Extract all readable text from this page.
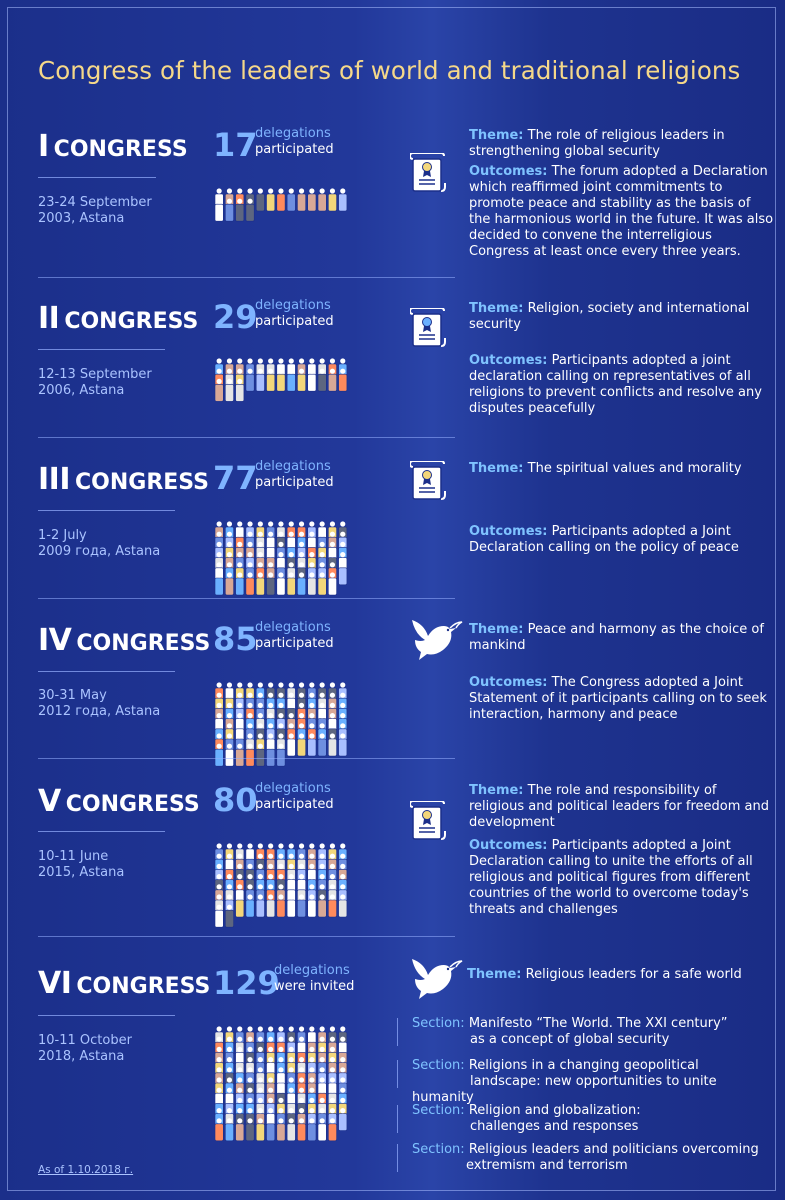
Congress of the leaders of world and traditional religions
I CONGRESS
23-24 September
2003, Astana
17
delegations
participated
Theme: The role of religious leaders in strengthening global security
Outcomes: The forum adopted a Declaration which reaffirmed joint commitments to promote peace and stability as the basis of the harmonious world in the future. It was also decided to convene the interreligious Congress at least once every three years.
II CONGRESS
12-13 September
2006, Astana
29
delegations
participated
Theme: Religion, society and international security
Outcomes: Participants adopted a joint declaration calling on representatives of all religions to prevent conflicts and resolve any disputes peacefully
III CONGRESS
1-2 July
2009 года, Astana
77
delegations
participated
Theme: The spiritual values and morality
Outcomes: Participants adopted a Joint Declaration calling on the policy of peace
IV CONGRESS
30-31 May
2012 года, Astana
85
delegations
participated
Theme: Peace and harmony as the choice of mankind
Outcomes: The Congress adopted a Joint Statement of it participants calling on to seek interaction, harmony and peace
V CONGRESS
10-11 June
2015, Astana
80
delegations
participated
Theme: The role and responsibility of religious and political leaders for freedom and development
Outcomes: Participants adopted a Joint Declaration calling to unite the efforts of all religious and political figures from different countries of the world to overcome today's threats and challenges
VI CONGRESS
10-11 October
2018, Astana
129
delegations
were invited
Theme: Religious leaders for a safe world
Section: Manifesto “The World. The XXI century”
as a concept of global security
Section: Religions in a changing geopolitical
landscape: new opportunities to unite humanity
Section: Religion and globalization:
challenges and responses
Section: Religious leaders and politicians overcoming
extremism and terrorism
As of 1.10.2018 г.
